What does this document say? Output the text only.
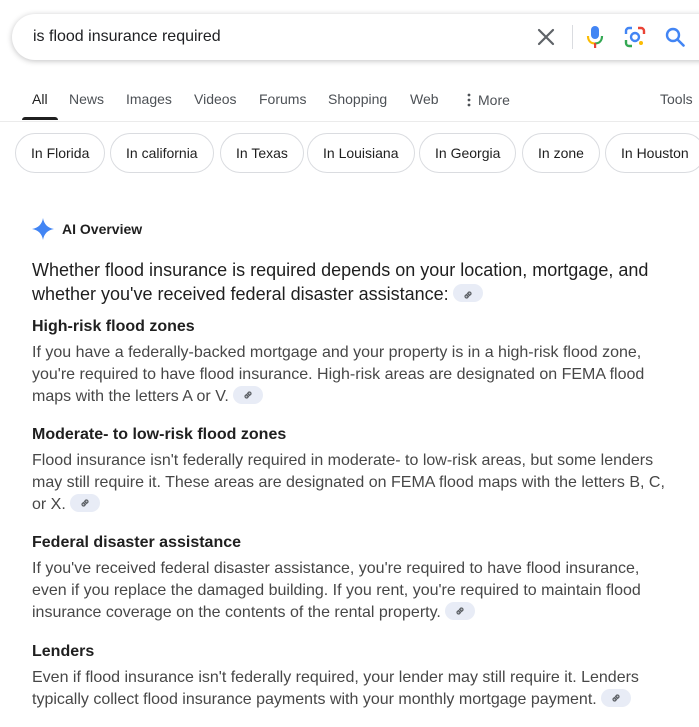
is flood insurance required
All News Images Videos Forums Shopping Web	More	Tools
In Florida	In california	In Texas	In Louisiana	In Georgia	In zone	In Houston
AI Overview
Whether flood insurance is required depends on your location, mortgage, and whether you've received federal disaster assistance:
High-risk flood zones
If you have a federally-backed mortgage and your property is in a high-risk flood zone, you're required to have flood insurance. High-risk areas are designated on FEMA flood maps with the letters A or V.
Moderate- to low-risk flood zones
Flood insurance isn't federally required in moderate- to low-risk areas, but some lenders may still require it. These areas are designated on FEMA flood maps with the letters B, C, or X.
Federal disaster assistance
If you've received federal disaster assistance, you're required to have flood insurance, even if you replace the damaged building. If you rent, you're required to maintain flood insurance coverage on the contents of the rental property.
Lenders
Even if flood insurance isn't federally required, your lender may still require it. Lenders typically collect flood insurance payments with your monthly mortgage payment.
